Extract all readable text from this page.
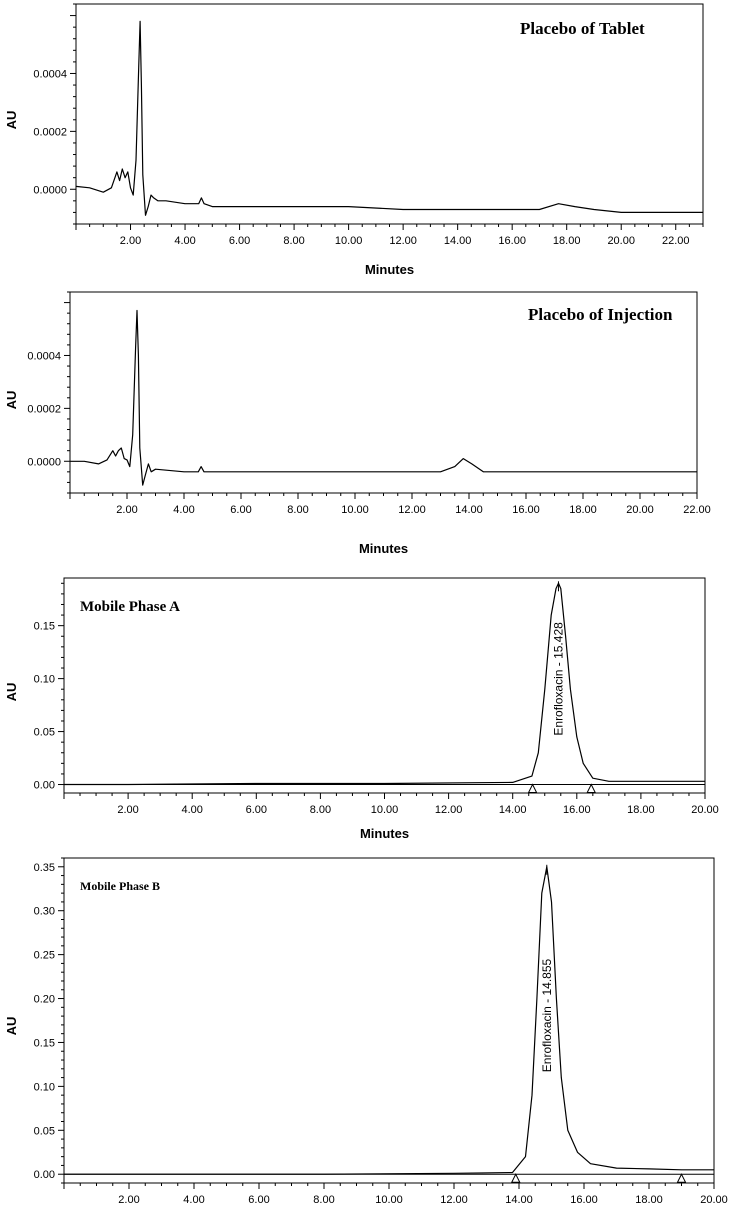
2.00	4.00	6.00	8.00	10.00 12.00 14.00 16.00 18.00 20.00 22.00
0.0000
0.0002
0.0004
AU
Minutes
Placebo of Tablet
2.00	4.00	6.00	8.00	10.00	12.00	14.00	16.00	18.00	20.00	22.00
0.0000
0.0002
0.0004
AU
Minutes
Placebo of Injection
2.00	4.00	6.00	8.00	10.00	12.00	14.00	16.00	18.00	20.00
0.00
0.05
0.10
0.15
AU
Minutes
Mobile Phase A
Enrofloxacin - 15.428
2.00	4.00	6.00	8.00	10.00	12.00	14.00	16.00	18.00	20.00
0.00
0.05
0.10
0.15
0.20
0.25
0.30
0.35
AU
Mobile Phase B
Enrofloxacin - 14.855
